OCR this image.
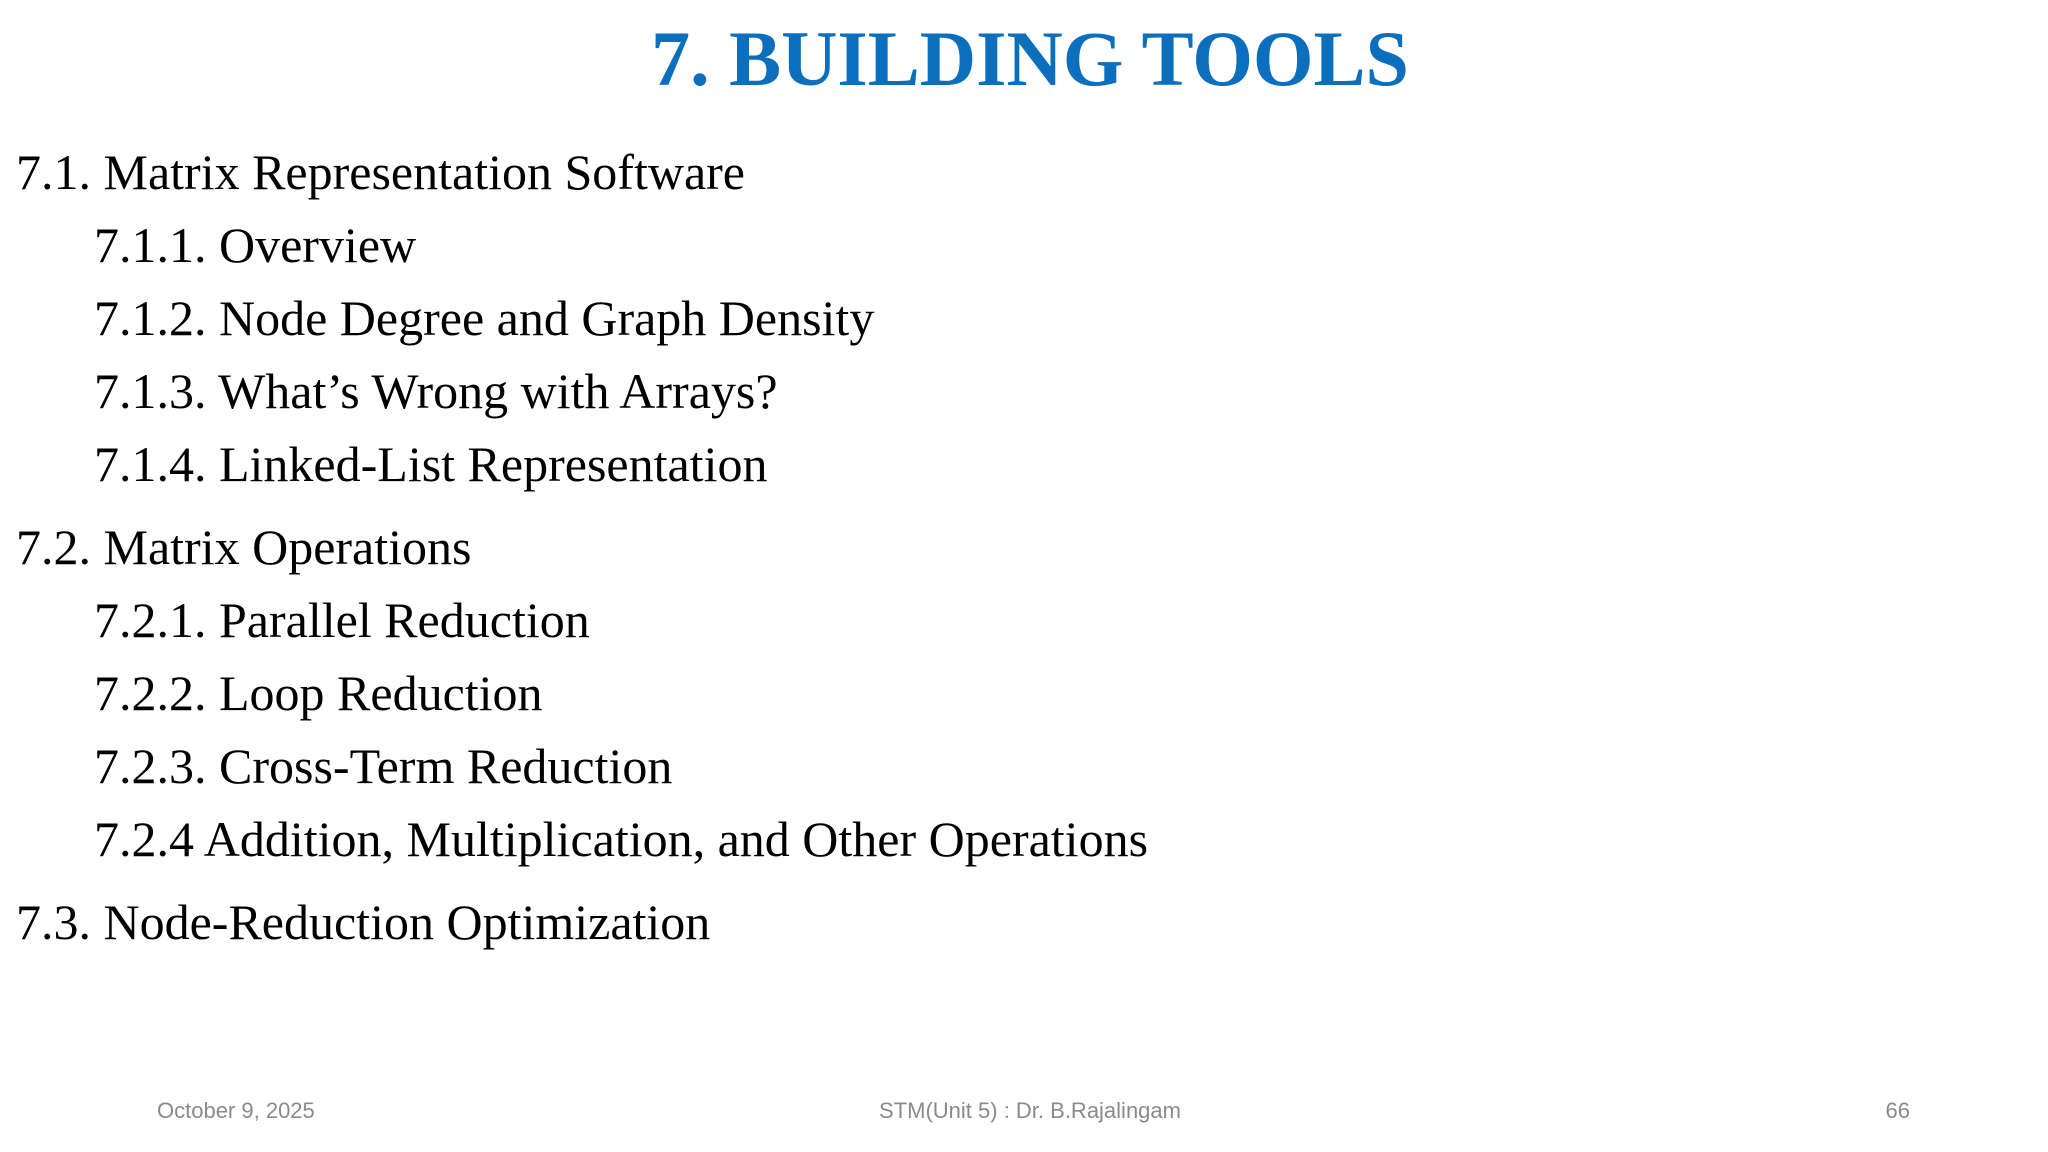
7. BUILDING TOOLS

7.1. Matrix Representation Software

7.1.1. Overview

7.1.2. Node Degree and Graph Density

7.1.3. What’s Wrong with Arrays?

7.1.4. Linked-List Representation

7.2. Matrix Operations

7.2.1. Parallel Reduction

7.2.2. Loop Reduction

7.2.3. Cross-Term Reduction

7.2.4 Addition, Multiplication, and Other Operations

7.3. Node-Reduction Optimization

October 9, 2025	STM(Unit 5) : Dr. B.Rajalingam	66
